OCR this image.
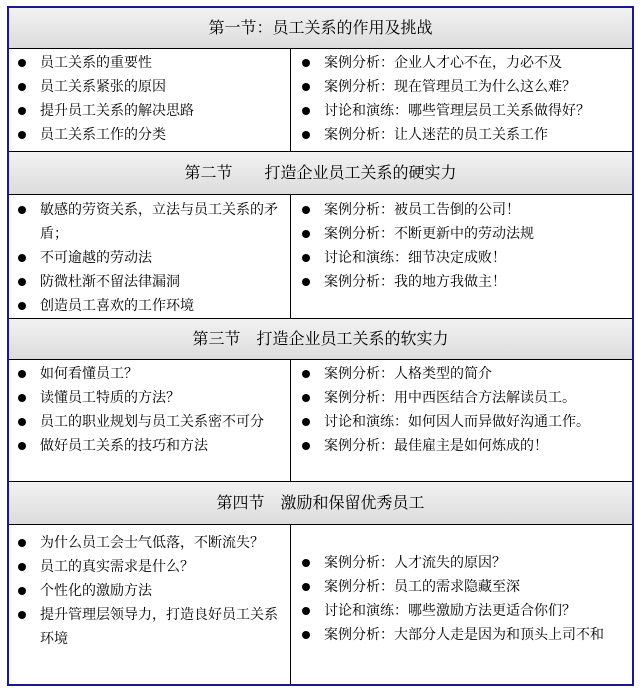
第一节：员工关系的作用及挑战
员工关系的重要性
员工关系紧张的原因
提升员工关系的解决思路
员工关系工作的分类
案例分析：企业人才心不在，力必不及
案例分析：现在管理员工为什么这么难？
讨论和演练：哪些管理层员工关系做得好？
案例分析：让人迷茫的员工关系工作
第二节　　打造企业员工关系的硬实力
敏感的劳资关系，立法与员工关系的矛盾；
不可逾越的劳动法
防微杜渐不留法律漏洞
创造员工喜欢的工作环境
案例分析：被员工告倒的公司！
案例分析：不断更新中的劳动法规
讨论和演练：细节决定成败！
案例分析：我的地方我做主！
第三节　打造企业员工关系的软实力
如何看懂员工？
读懂员工特质的方法？
员工的职业规划与员工关系密不可分
做好员工关系的技巧和方法
案例分析：人格类型的简介
案例分析：用中西医结合方法解读员工。
讨论和演练：如何因人而异做好沟通工作。
案例分析：最佳雇主是如何炼成的！
第四节　激励和保留优秀员工
为什么员工会士气低落，不断流失？
员工的真实需求是什么？
个性化的激励方法
提升管理层领导力，打造良好员工关系环境
案例分析：人才流失的原因？
案例分析：员工的需求隐藏至深
讨论和演练：哪些激励方法更适合你们？
案例分析：大部分人走是因为和顶头上司不和
